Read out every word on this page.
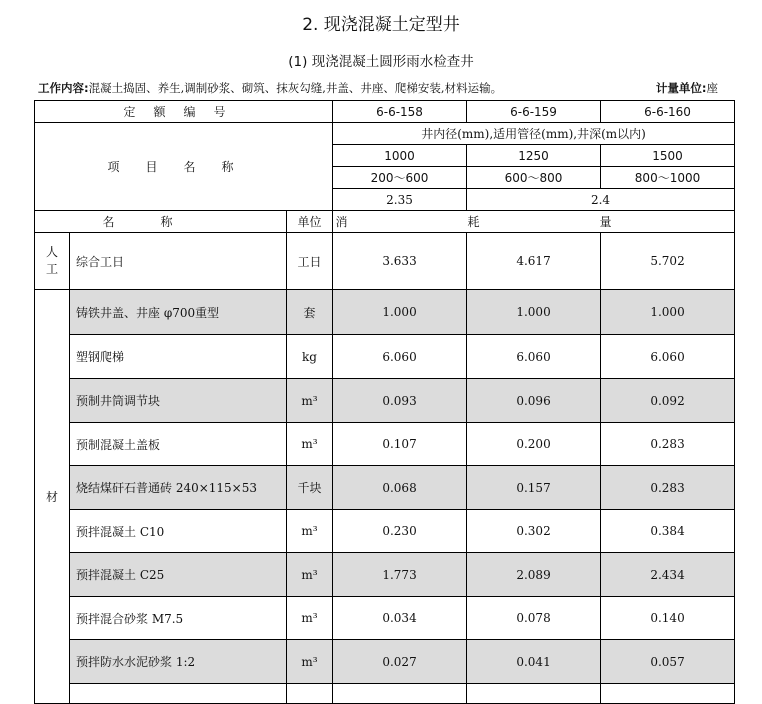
2. 现浇混凝土定型井
(1) 现浇混凝土圆形雨水检查井
工作内容:混凝土捣固、养生,调制砂浆、砌筑、抹灰勾缝,井盖、井座、爬梯安装,材料运输。	计量单位:座
定额编号			6-6-158	6-6-159	6-6-160
项目名称			井内径(mm),适用管径(mm),井深(m以内)		
			1000	1250	1500
			200～600	600～800	800～1000
			2.35	2.4	
名称		单位	消耗量		
人工	综合工日	工日	3.633	4.617	5.702
材	铸铁井盖、井座 φ700重型	套	1.000	1.000	1.000
	塑钢爬梯	kg	6.060	6.060	6.060
	预制井筒调节块	m³	0.093	0.096	0.092
	预制混凝土盖板	m³	0.107	0.200	0.283
	烧结煤矸石普通砖 240×115×53	千块	0.068	0.157	0.283
	预拌混凝土 C10	m³	0.230	0.302	0.384
	预拌混凝土 C25	m³	1.773	2.089	2.434
	预拌混合砂浆 M7.5	m³	0.034	0.078	0.140
	预拌防水水泥砂浆 1:2	m³	0.027	0.041	0.057
